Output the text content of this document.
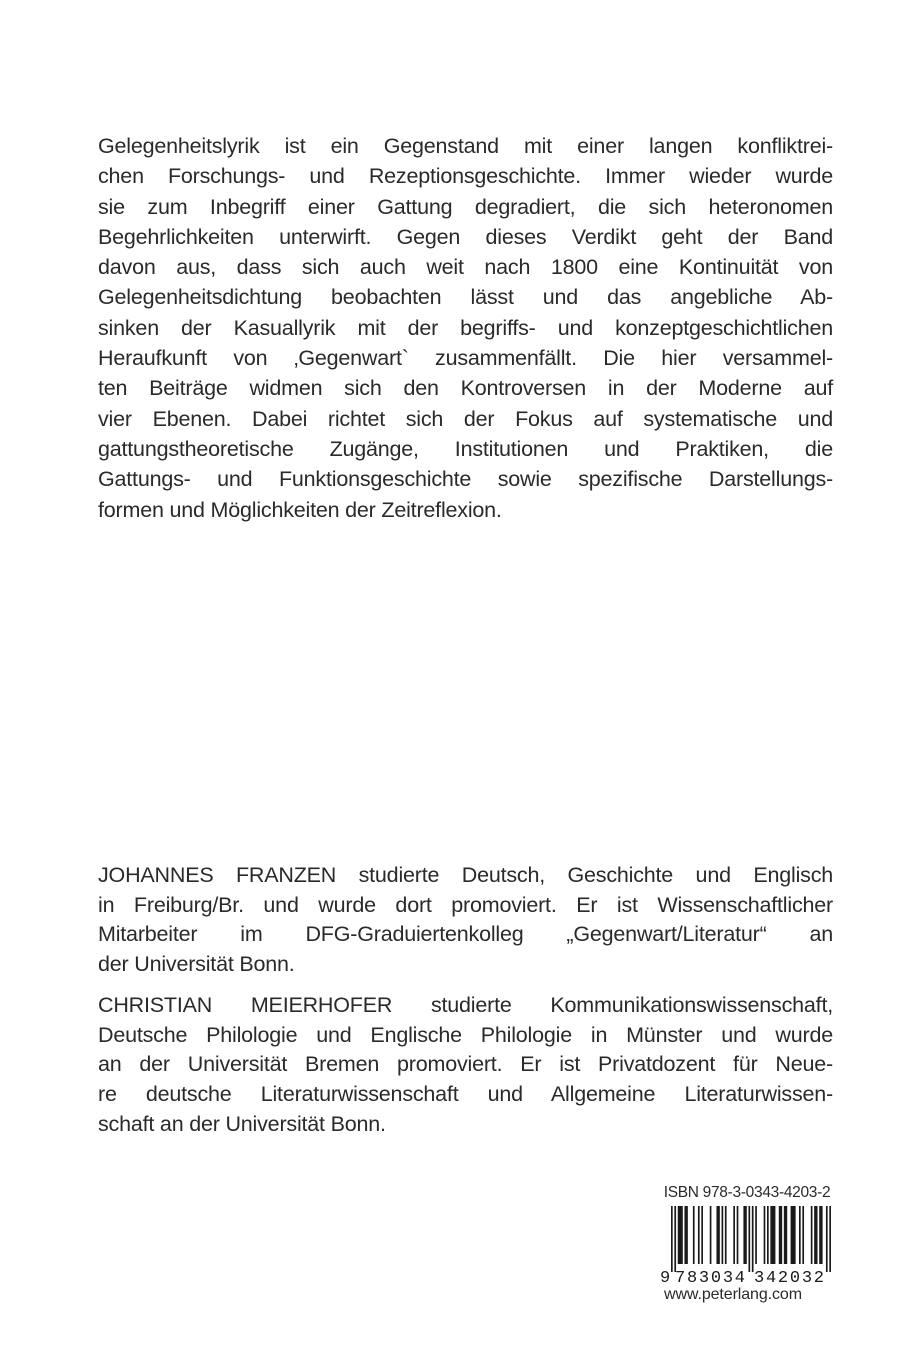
Gelegenheitslyrik ist ein Gegenstand mit einer langen konfliktrei-
chen Forschungs- und Rezeptionsgeschichte. Immer wieder wurde
sie zum Inbegriff einer Gattung degradiert, die sich heteronomen
Begehrlichkeiten unterwirft. Gegen dieses Verdikt geht der Band
davon aus, dass sich auch weit nach 1800 eine Kontinuität von
Gelegenheitsdichtung beobachten lässt und das angebliche Ab-
sinken der Kasuallyrik mit der begriffs- und konzeptgeschichtlichen
Heraufkunft von ‚Gegenwart` zusammenfällt. Die hier versammel-
ten Beiträge widmen sich den Kontroversen in der Moderne auf
vier Ebenen. Dabei richtet sich der Fokus auf systematische und
gattungstheoretische Zugänge, Institutionen und Praktiken, die
Gattungs- und Funktionsgeschichte sowie spezifische Darstellungs-
formen und Möglichkeiten der Zeitreflexion.
JOHANNES FRANZEN studierte Deutsch, Geschichte und Englisch
in Freiburg/Br. und wurde dort promoviert. Er ist Wissenschaftlicher
Mitarbeiter im DFG-Graduiertenkolleg „Gegenwart/Literatur“ an
der Universität Bonn.
CHRISTIAN MEIERHOFER studierte Kommunikationswissenschaft,
Deutsche Philologie und Englische Philologie in Münster und wurde
an der Universität Bremen promoviert. Er ist Privatdozent für Neue-
re deutsche Literaturwissenschaft und Allgemeine Literaturwissen-
schaft an der Universität Bonn.
ISBN 978-3-0343-4203-2
9 783034 342032
www.peterlang.com
